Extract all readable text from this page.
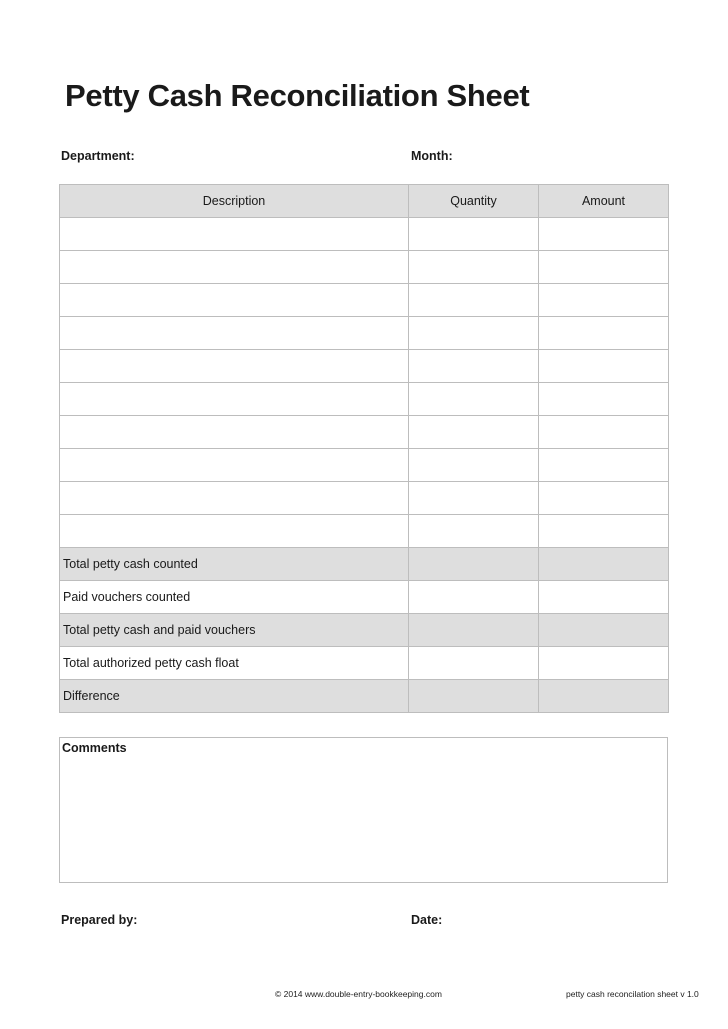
Petty Cash Reconciliation Sheet
Department:	Month:
Description	Quantity	Amount

Total petty cash counted		
Paid vouchers counted		
Total petty cash and paid vouchers		
Total authorized petty cash float		
Difference		
Comments
Prepared by:	Date:
© 2014 www.double-entry-bookkeeping.com	petty cash reconcilation sheet v 1.0
